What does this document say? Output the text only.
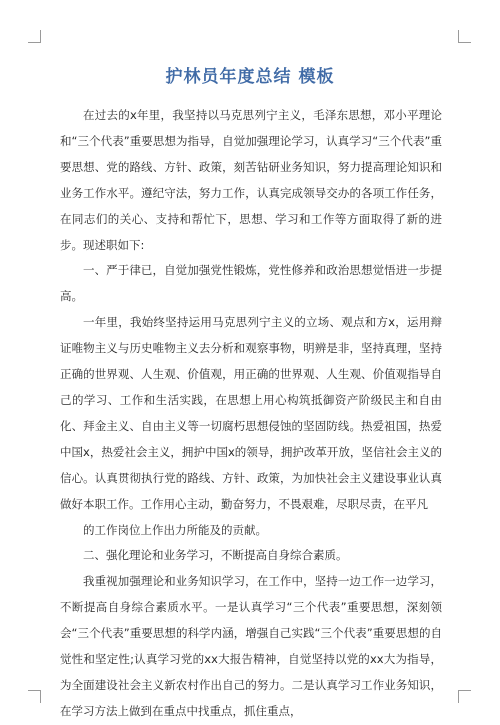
护林员年度总结 模板

在过去的x年里，我坚持以马克思列宁主义，毛泽东思想，邓小平理论和“三个代表”重要思想为指导，自觉加强理论学习，认真学习“三个代表”重要思想、党的路线、方针、政策，刻苦钻研业务知识，努力提高理论知识和业务工作水平。遵纪守法，努力工作，认真完成领导交办的各项工作任务，在同志们的关心、支持和帮忙下，思想、学习和工作等方面取得了新的进步。现述职如下:

一、严于律已，自觉加强党性锻炼，党性修养和政治思想觉悟进一步提高。

一年里，我始终坚持运用马克思列宁主义的立场、观点和方x，运用辩证唯物主义与历史唯物主义去分析和观察事物，明辨是非，坚持真理，坚持正确的世界观、人生观、价值观，用正确的世界观、人生观、价值观指导自己的学习、工作和生活实践，在思想上用心构筑抵御资产阶级民主和自由化、拜金主义、自由主义等一切腐朽思想侵蚀的坚固防线。热爱祖国，热爱中国x，热爱社会主义，拥护中国x的领导，拥护改革开放，坚信社会主义的信心。认真贯彻执行党的路线、方针、政策，为加快社会主义建设事业认真做好本职工作。工作用心主动，勤奋努力，不畏艰难，尽职尽责，在平凡

的工作岗位上作出力所能及的贡献。

二、强化理论和业务学习，不断提高自身综合素质。

我重视加强理论和业务知识学习，在工作中，坚持一边工作一边学习，不断提高自身综合素质水平。一是认真学习“三个代表”重要思想，深刻领会“三个代表”重要思想的科学内涵，增强自己实践“三个代表”重要思想的自觉性和坚定性;认真学习党的xx大报告精神，自觉坚持以党的xx大为指导，为全面建设社会主义新农村作出自己的努力。二是认真学习工作业务知识，在学习方法上做到在重点中找重点，抓住重点，
